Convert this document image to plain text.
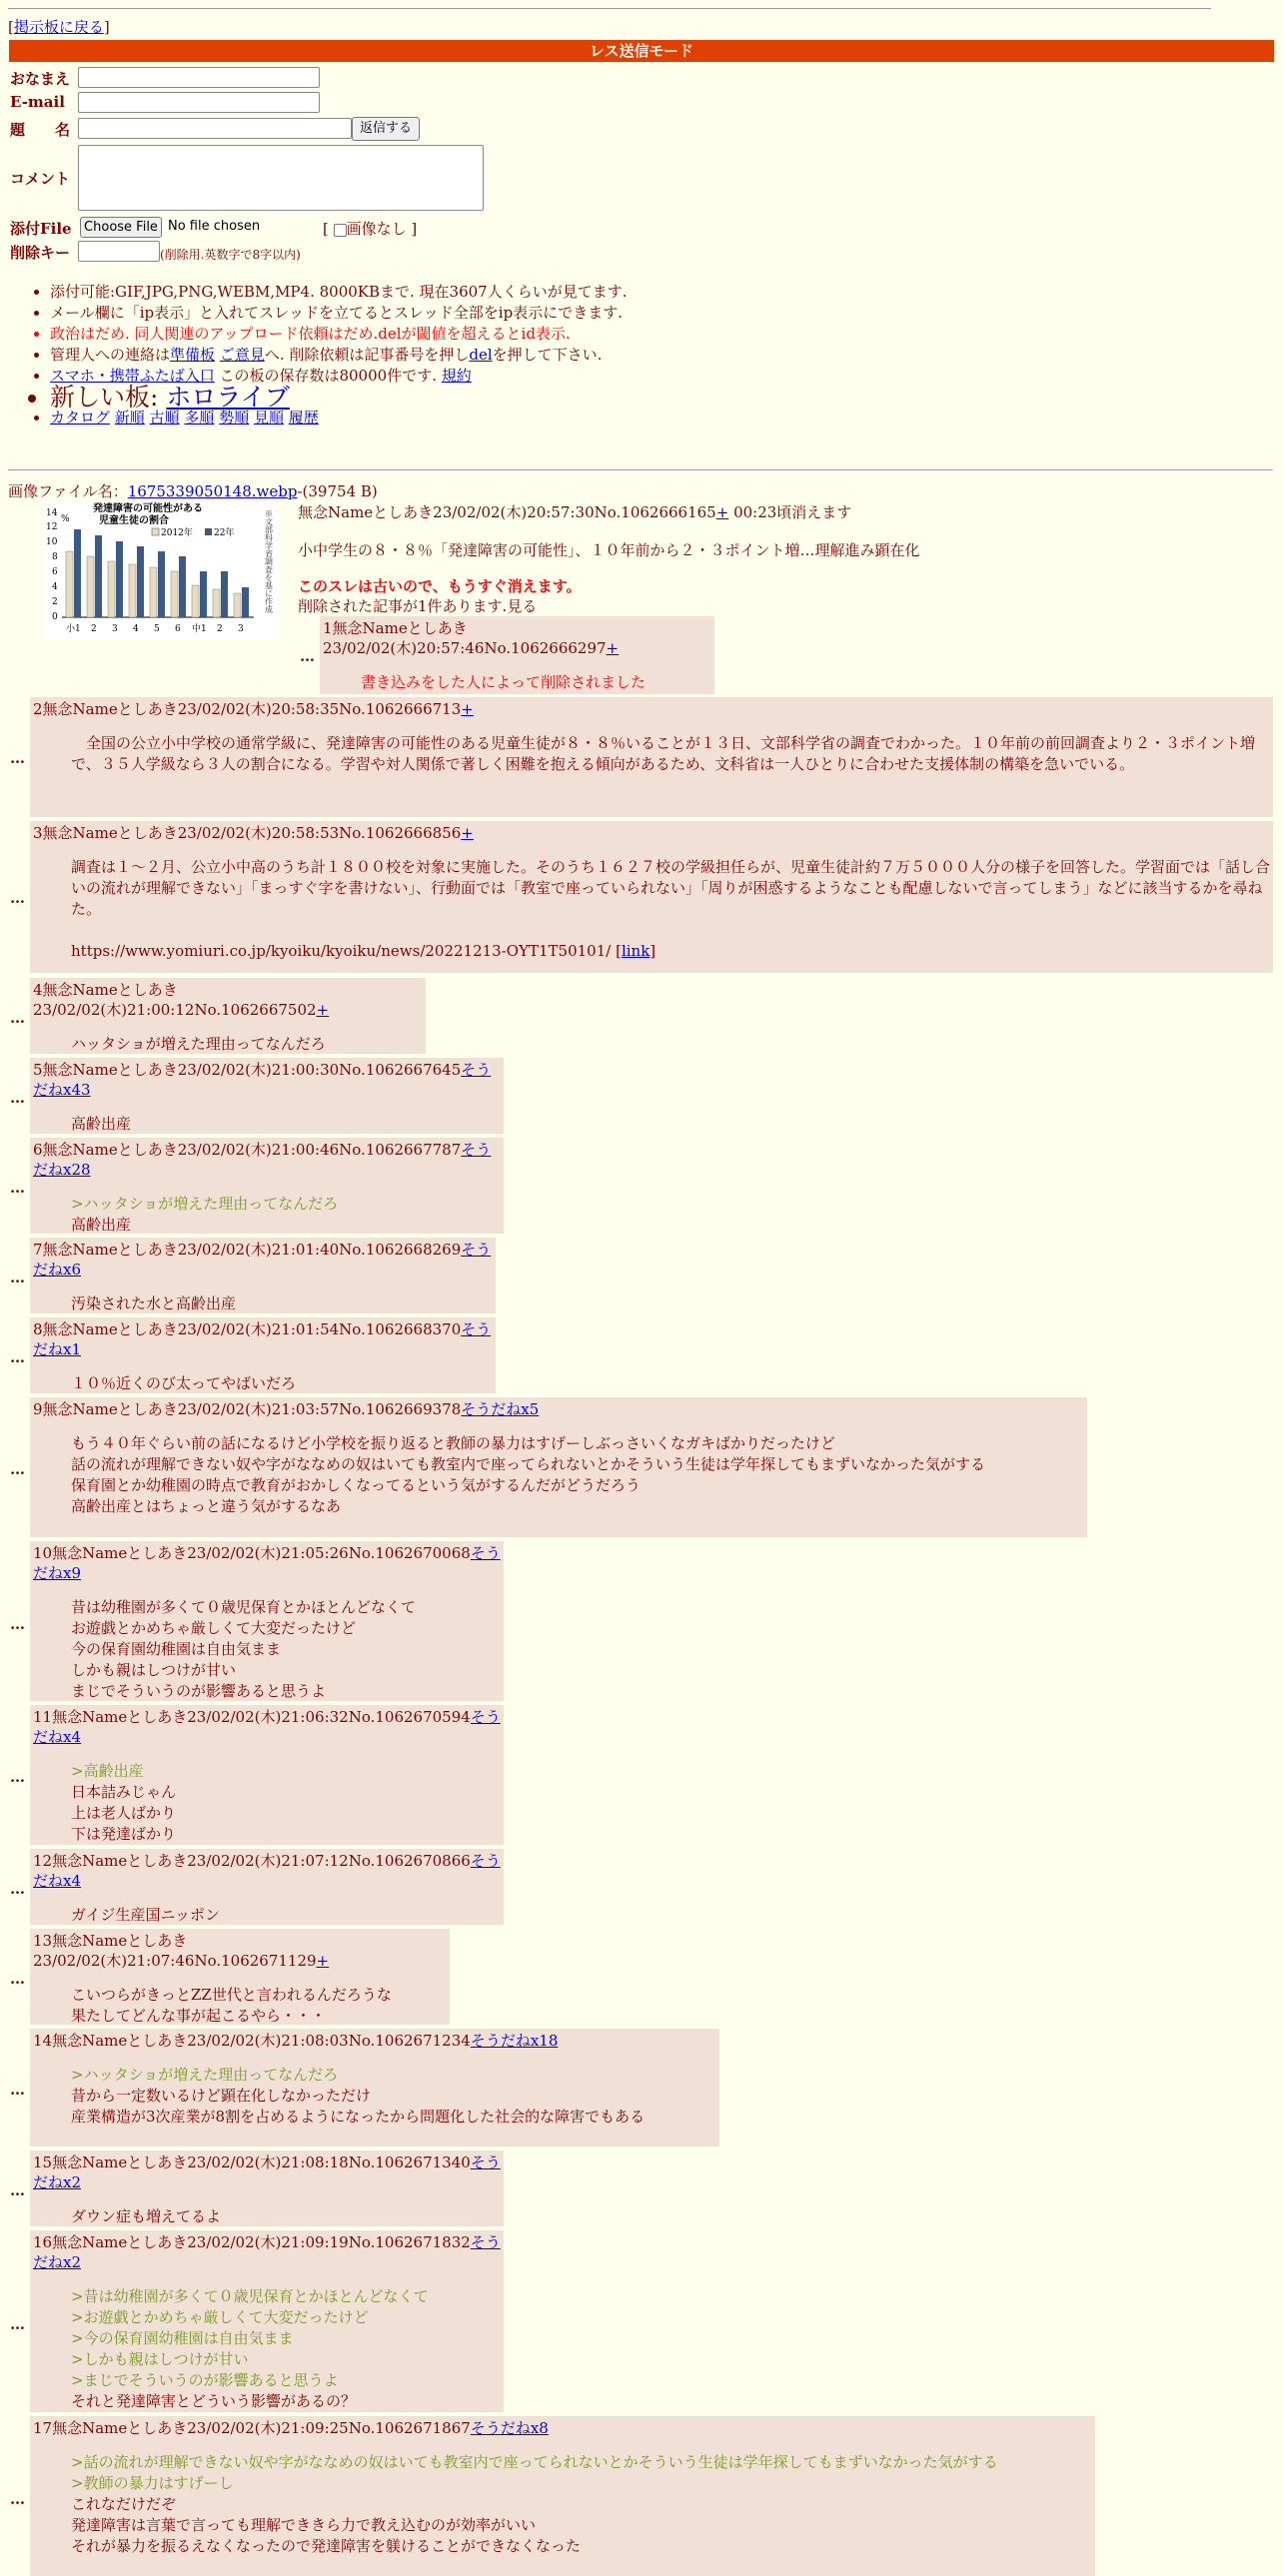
[掲示板に戻る]
レス送信モード
おなまえ
E-mail
題　　名	返信する
コメント
添付File Choose File No file chosen	[ 画像なし ]
削除キー	(削除用.英数字で8字以内)
• 添付可能:GIF,JPG,PNG,WEBM,MP4. 8000KBまで. 現在3607人くらいが見てます.
• メール欄に「ip表示」と入れてスレッドを立てるとスレッド全部をip表示にできます.
• 政治はだめ. 同人関連のアップロード依頼はだめ.delが閾値を超えるとid表示.
• 管理人への連絡は準備板 ご意見へ. 削除依頼は記事番号を押しdelを押して下さい.
• スマホ・携帯ふたば入口 この板の保存数は80000件です. 規約
• 新しい板: ホロライブ
• カタログ 新順 古順 多順 勢順 見順 履歴
画像ファイル名：1675339050148.webp-(39754 B)
発達障害の可能性がある
児童生徒の割合
%
2012年 22年	※文部科学省調査を基に作成
14
12
10
8
6
4
2
0
小1 2 3 4 5 6 中1 2 3
無念Nameとしあき23/02/02(木)20:57:30No.1062666165+ 00:23頃消えます
小中学生の８・８％「発達障害の可能性」、１０年前から２・３ポイント増…理解進み顕在化
このスレは古いので、もうすぐ消えます。
削除された記事が1件あります.見る
…
1無念Nameとしあき23/02/02(木)20:57:46No.1062666297+
書き込みをした人によって削除されました
…
2無念Nameとしあき23/02/02(木)20:58:35No.1062666713+
　全国の公立小中学校の通常学級に、発達障害の可能性のある児童生徒が８・８％いることが１３日、文部科学省の調査でわかった。１０年前の前回調査より２・３ポイント増で、３５人学級なら３人の割合になる。学習や対人関係で著しく困難を抱える傾向があるため、文科省は一人ひとりに合わせた支援体制の構築を急いでいる。
…
3無念Nameとしあき23/02/02(木)20:58:53No.1062666856+
調査は１～２月、公立小中高のうち計１８００校を対象に実施した。そのうち１６２７校の学級担任らが、児童生徒計約７万５０００人分の様子を回答した。学習面では「話し合いの流れが理解できない」「まっすぐ字を書けない」、行動面では「教室で座っていられない」「周りが困惑するようなことも配慮しないで言ってしまう」などに該当するかを尋ねた。

https://www.yomiuri.co.jp/kyoiku/kyoiku/news/20221213-OYT1T50101/ [link]
…
4無念Nameとしあき23/02/02(木)21:00:12No.1062667502+
ハッタショが増えた理由ってなんだろ
…
5無念Nameとしあき23/02/02(木)21:00:30No.1062667645そうだねx43
高齢出産
…
6無念Nameとしあき23/02/02(木)21:00:46No.1062667787そうだねx28
>ハッタショが増えた理由ってなんだろ
高齢出産
…
7無念Nameとしあき23/02/02(木)21:01:40No.1062668269そうだねx6
汚染された水と高齢出産
…
8無念Nameとしあき23/02/02(木)21:01:54No.1062668370そうだねx1
１０％近くのび太ってやばいだろ
…
9無念Nameとしあき23/02/02(木)21:03:57No.1062669378そうだねx5
もう４０年ぐらい前の話になるけど小学校を振り返ると教師の暴力はすげーしぶっさいくなガキばかりだったけど
話の流れが理解できない奴や字がななめの奴はいても教室内で座ってられないとかそういう生徒は学年探してもまずいなかった気がする
保育園とか幼稚園の時点で教育がおかしくなってるという気がするんだがどうだろう
高齢出産とはちょっと違う気がするなあ
…
10無念Nameとしあき23/02/02(木)21:05:26No.1062670068そうだねx9
昔は幼稚園が多くて０歳児保育とかほとんどなくて
お遊戯とかめちゃ厳しくて大変だったけど
今の保育園幼稚園は自由気まま
しかも親はしつけが甘い
まじでそういうのが影響あると思うよ
…
11無念Nameとしあき23/02/02(木)21:06:32No.1062670594そうだねx4
>高齢出産
日本詰みじゃん
上は老人ばかり
下は発達ばかり
…
12無念Nameとしあき23/02/02(木)21:07:12No.1062670866そうだねx4
ガイジ生産国ニッポン
…
13無念Nameとしあき23/02/02(木)21:07:46No.1062671129+
こいつらがきっとZZ世代と言われるんだろうな
果たしてどんな事が起こるやら・・・
…
14無念Nameとしあき23/02/02(木)21:08:03No.1062671234そうだねx18
>ハッタショが増えた理由ってなんだろ
昔から一定数いるけど顕在化しなかっただけ
産業構造が3次産業が8割を占めるようになったから問題化した社会的な障害でもある
…
15無念Nameとしあき23/02/02(木)21:08:18No.1062671340そうだねx2
ダウン症も増えてるよ
…
16無念Nameとしあき23/02/02(木)21:09:19No.1062671832そうだねx2
>昔は幼稚園が多くて０歳児保育とかほとんどなくて
>お遊戯とかめちゃ厳しくて大変だったけど
>今の保育園幼稚園は自由気まま
>しかも親はしつけが甘い
>まじでそういうのが影響あると思うよ
それと発達障害とどういう影響があるの？
…
17無念Nameとしあき23/02/02(木)21:09:25No.1062671867そうだねx8
>話の流れが理解できない奴や字がななめの奴はいても教室内で座ってられないとかそういう生徒は学年探してもまずいなかった気がする
>教師の暴力はすげーし
これなだけだぞ
発達障害は言葉で言っても理解でききら力で教え込むのが効率がいい
それが暴力を振るえなくなったので発達障害を躾けることができなくなった
